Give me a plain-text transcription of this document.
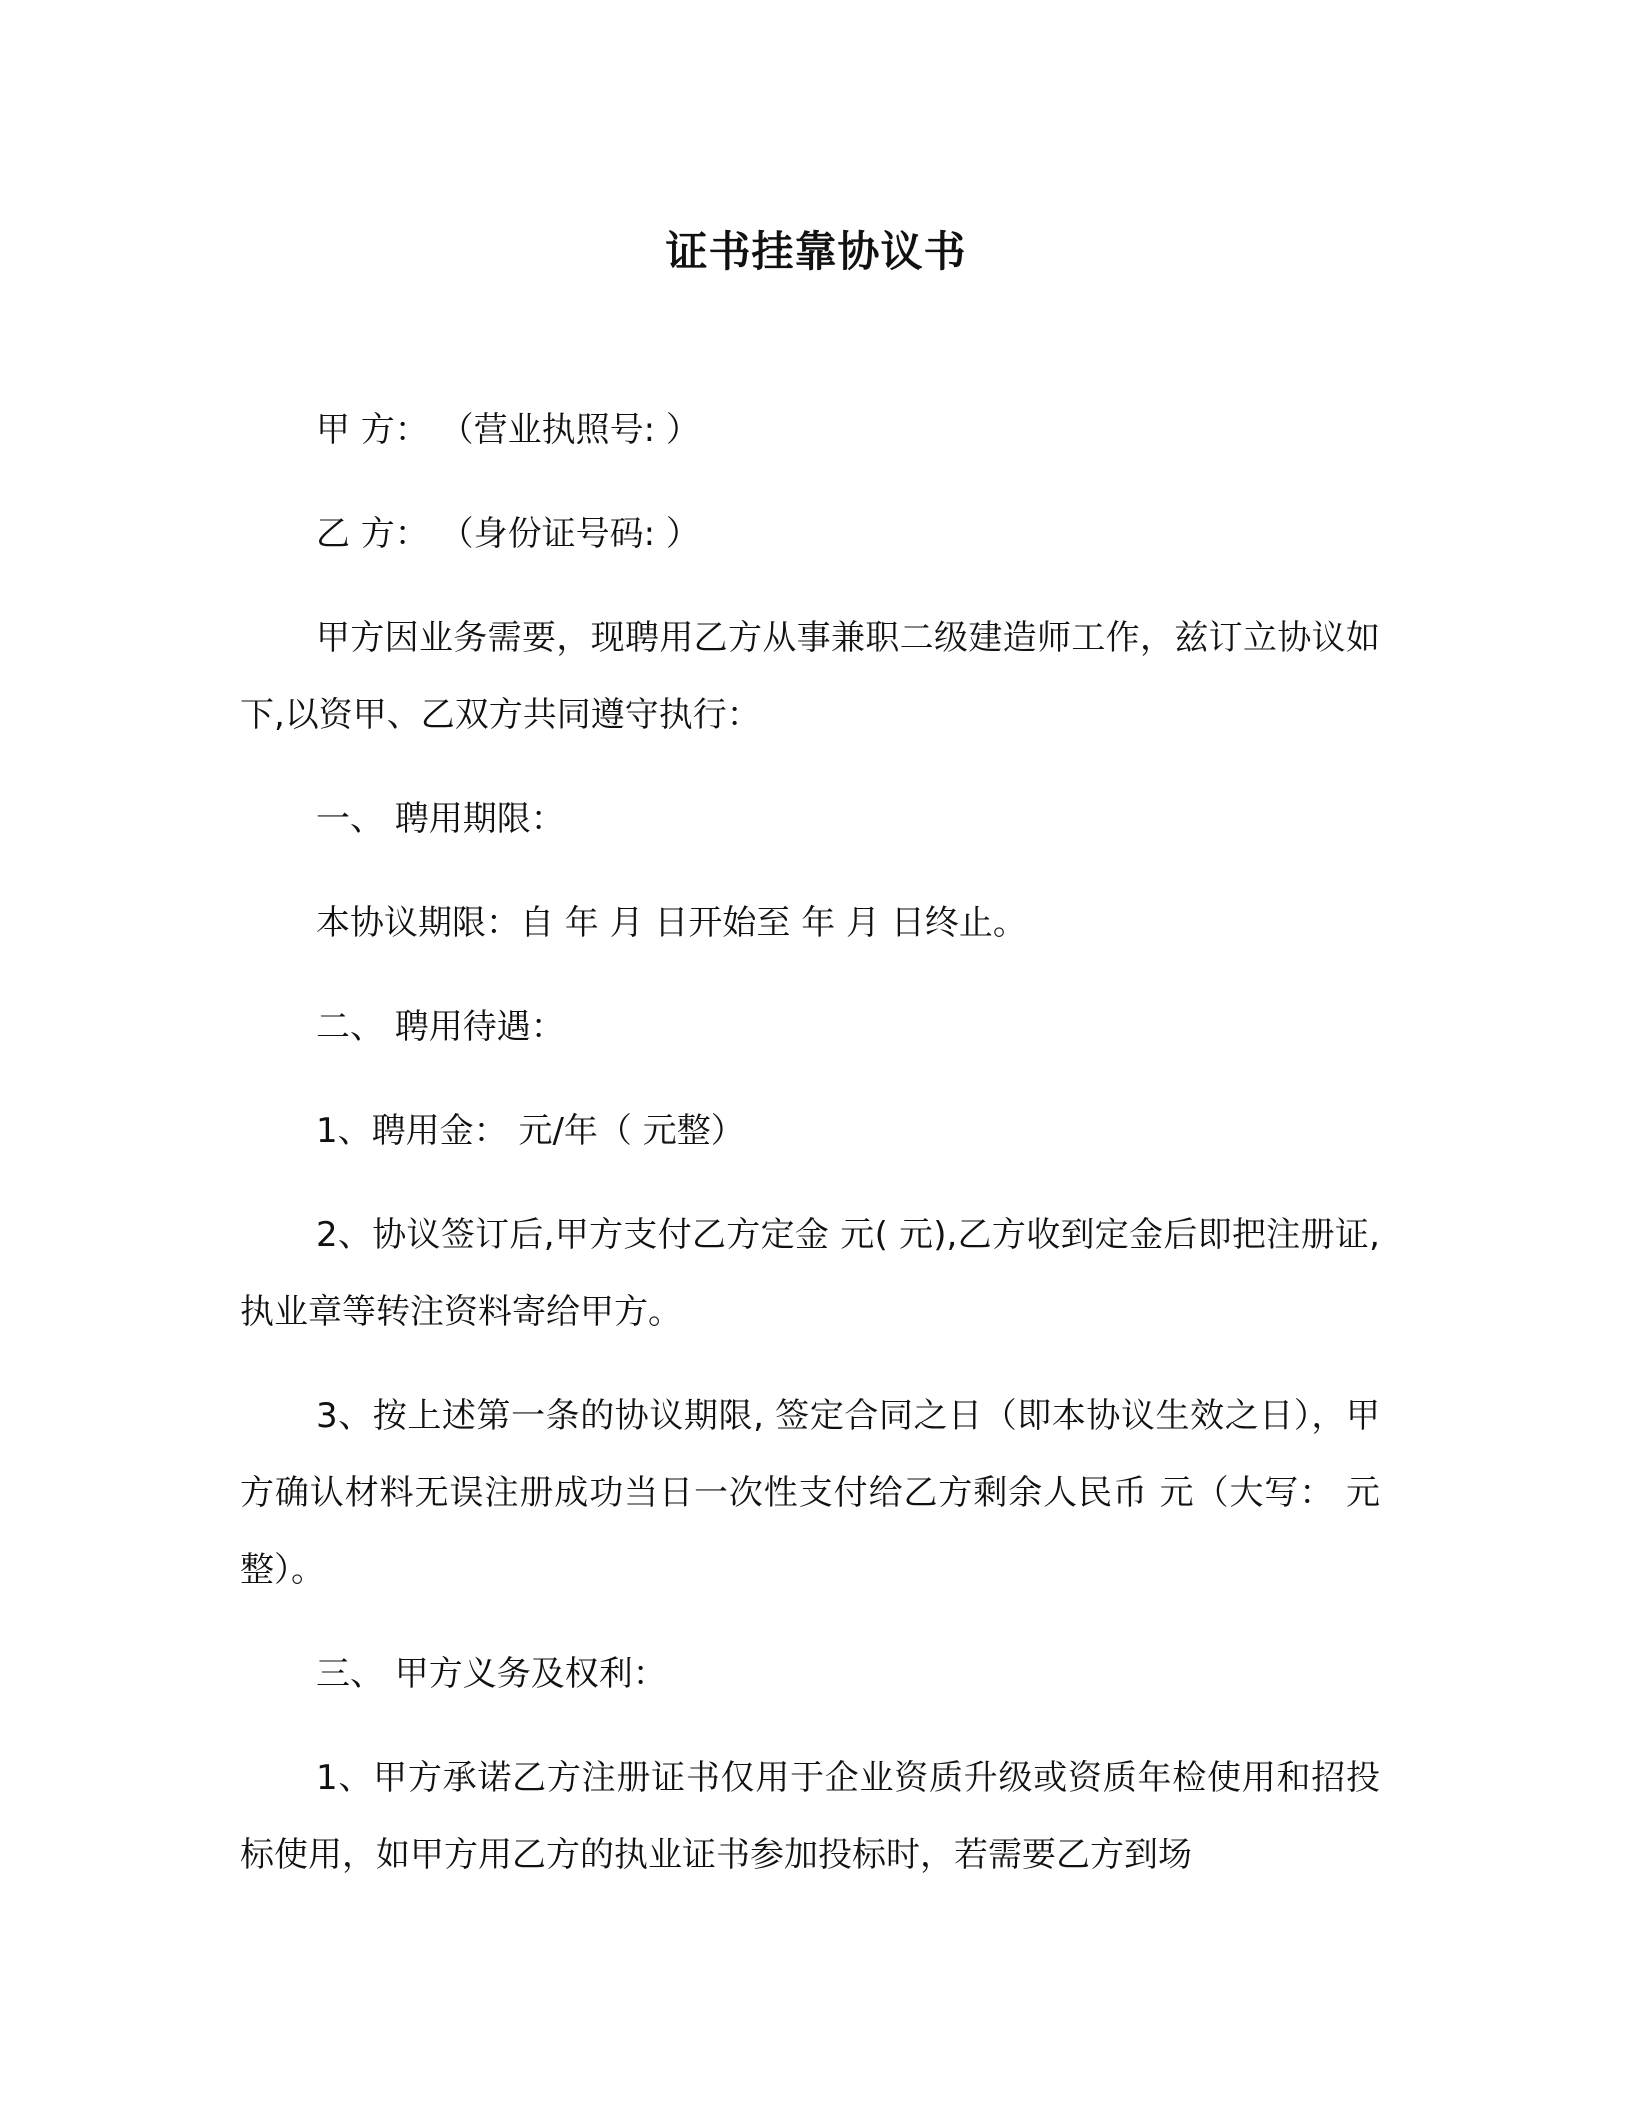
证书挂靠协议书

甲 方： （营业执照号: ）

乙 方： （身份证号码: ）

甲方因业务需要，现聘用乙方从事兼职二级建造师工作，兹订立协议如下,以资甲、乙双方共同遵守执行：

一、 聘用期限：

本协议期限：自 年 月 日开始至 年 月 日终止。

二、 聘用待遇：

1、聘用金： 元/年（ 元整）

2、协议签订后,甲方支付乙方定金 元( 元),乙方收到定金后即把注册证,执业章等转注资料寄给甲方。

3、按上述第一条的协议期限, 签定合同之日（即本协议生效之日），甲方确认材料无误注册成功当日一次性支付给乙方剩余人民币 元（大写： 元整）。

三、 甲方义务及权利：

1、甲方承诺乙方注册证书仅用于企业资质升级或资质年检使用和招投标使用，如甲方用乙方的执业证书参加投标时，若需要乙方到场
